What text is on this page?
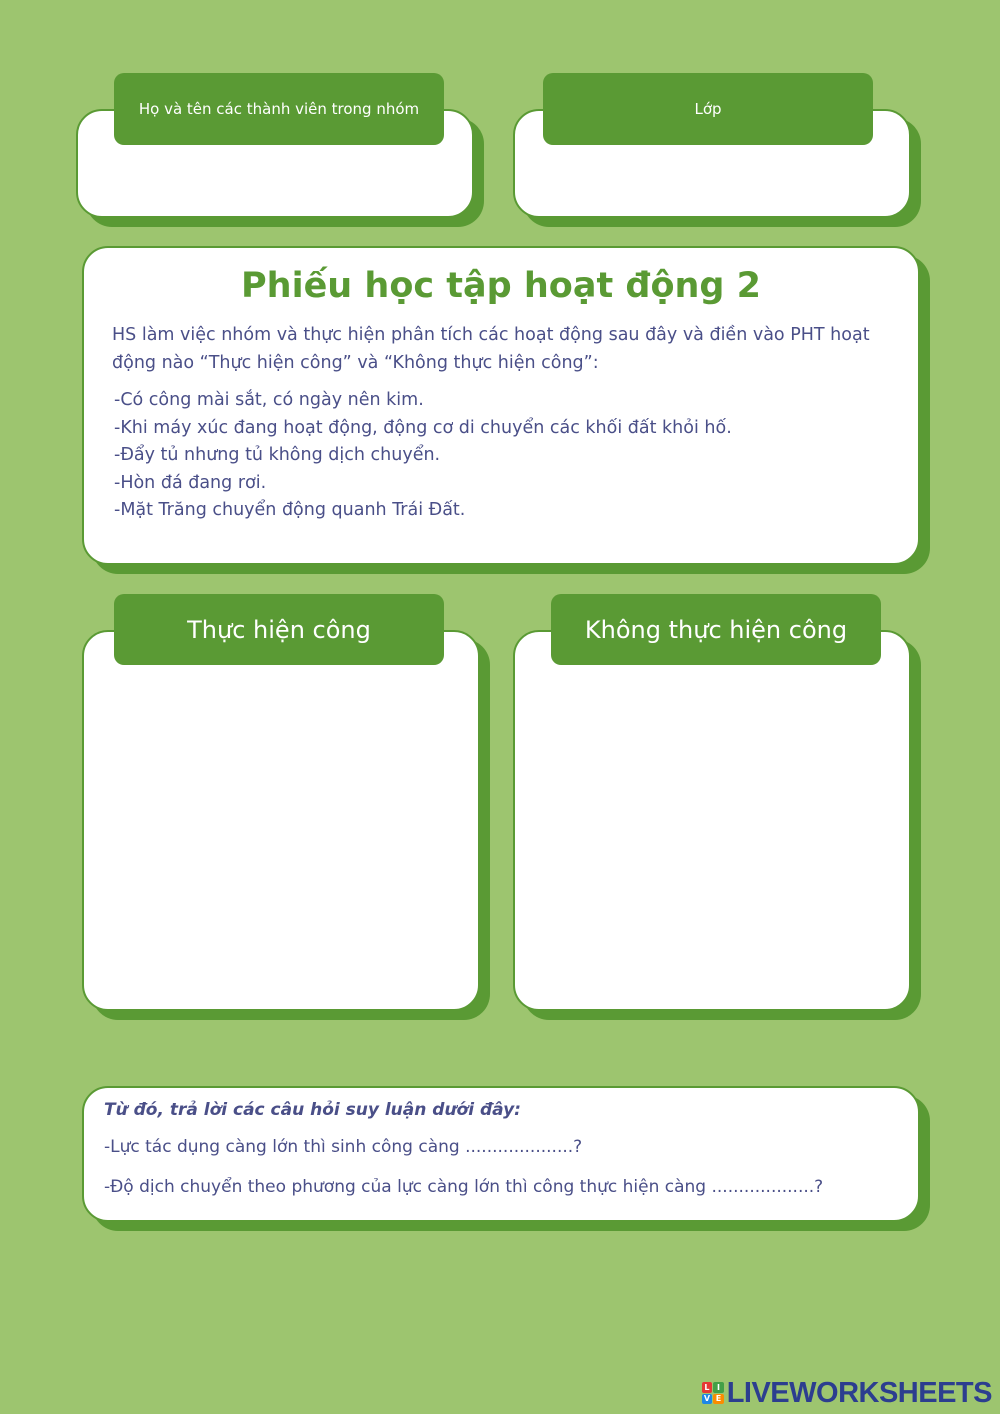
Họ và tên các thành viên trong nhóm	Lớp
Phiếu học tập hoạt động 2

HS làm việc nhóm và thực hiện phân tích các hoạt động sau đây và điền vào PHT hoạt động nào “Thực hiện công” và “Không thực hiện công”:

-Có công mài sắt, có ngày nên kim.
-Khi máy xúc đang hoạt động, động cơ di chuyển các khối đất khỏi hố.
-Đẩy tủ nhưng tủ không dịch chuyển.
-Hòn đá đang rơi.
-Mặt Trăng chuyển động quanh Trái Đất.
Thực hiện công	Không thực hiện công

Từ đó, trả lời các câu hỏi suy luận dưới đây:

-Lực tác dụng càng lớn thì sinh công càng ....................?

-Độ dịch chuyển theo phương của lực càng lớn thì công thực hiện càng ...................?

L I
V E LIVEWORKSHEETS
